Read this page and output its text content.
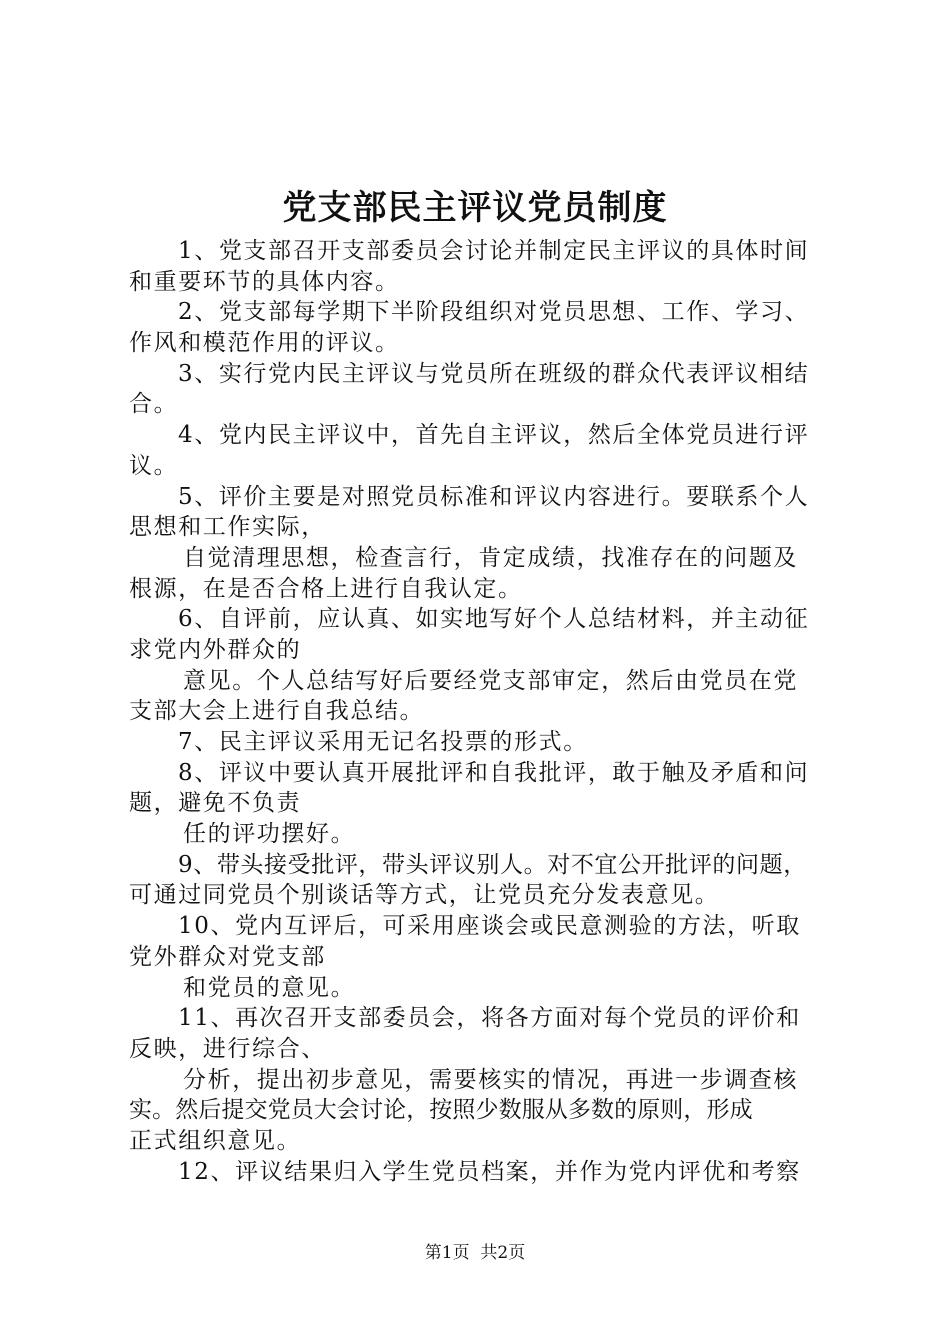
党支部民主评议党员制度
1、党支部召开支部委员会讨论并制定民主评议的具体时间
和重要环节的具体内容。
2、党支部每学期下半阶段组织对党员思想、工作、学习、
作风和模范作用的评议。
3、实行党内民主评议与党员所在班级的群众代表评议相结
合。
4、党内民主评议中，首先自主评议，然后全体党员进行评
议。
5、评价主要是对照党员标准和评议内容进行。要联系个人
思想和工作实际，
自觉清理思想，检查言行，肯定成绩，找准存在的问题及
根源，在是否合格上进行自我认定。
6、自评前，应认真、如实地写好个人总结材料，并主动征
求党内外群众的
意见。个人总结写好后要经党支部审定，然后由党员在党
支部大会上进行自我总结。
7、民主评议采用无记名投票的形式。
8、评议中要认真开展批评和自我批评，敢于触及矛盾和问
题，避免不负责
任的评功摆好。
9、带头接受批评，带头评议别人。对不宜公开批评的问题，
可通过同党员个别谈话等方式，让党员充分发表意见。
10、党内互评后，可采用座谈会或民意测验的方法，听取
党外群众对党支部
和党员的意见。
11、再次召开支部委员会，将各方面对每个党员的评价和
反映，进行综合、
分析，提出初步意见，需要核实的情况，再进一步调查核
实。然后提交党员大会讨论，按照少数服从多数的原则，形成
正式组织意见。
12、评议结果归入学生党员档案，并作为党内评优和考察
第1页  共2页
